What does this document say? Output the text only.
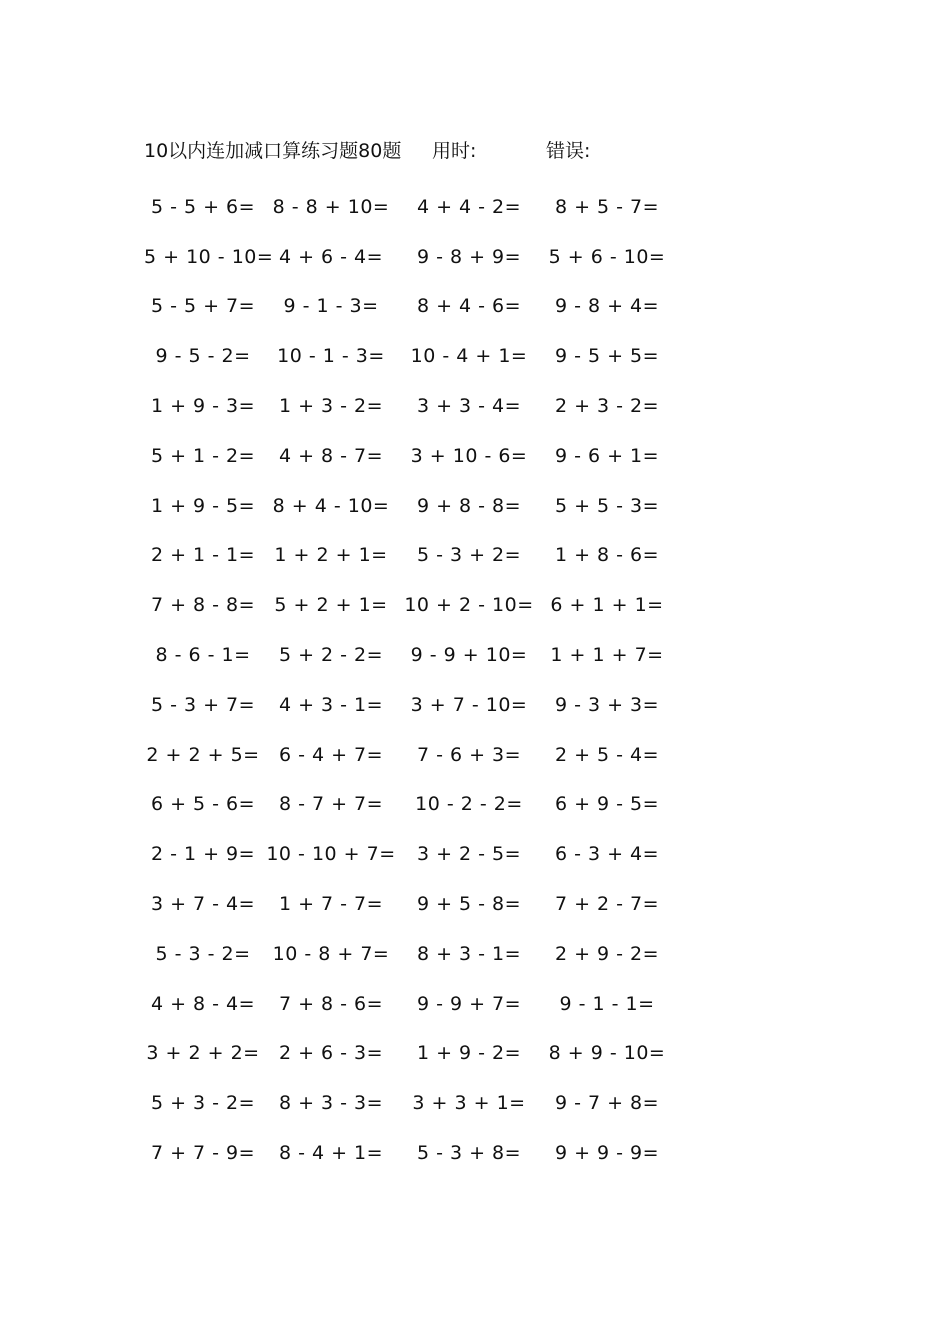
10以内连加减口算练习题80题 用时:	错误:
5 - 5 + 6= 8 - 8 + 10=	4 + 4 - 2=	8 + 5 - 7=
5 + 10 - 10= 4 + 6 - 4=	9 - 8 + 9=	5 + 6 - 10=
5 - 5 + 7=	9 - 1 - 3=	8 + 4 - 6=	9 - 8 + 4=
9 - 5 - 2=	10 - 1 - 3=	10 - 4 + 1=	9 - 5 + 5=
1 + 9 - 3=	1 + 3 - 2=	3 + 3 - 4=	2 + 3 - 2=
5 + 1 - 2=	4 + 8 - 7=	3 + 10 - 6=	9 - 6 + 1=
1 + 9 - 5= 8 + 4 - 10=	9 + 8 - 8=	5 + 5 - 3=
2 + 1 - 1=	1 + 2 + 1=	5 - 3 + 2=	1 + 8 - 6=
7 + 8 - 8=	5 + 2 + 1= 10 + 2 - 10= 6 + 1 + 1=
8 - 6 - 1=	5 + 2 - 2=	9 - 9 + 10=	1 + 1 + 7=
5 - 3 + 7=	4 + 3 - 1=	3 + 7 - 10=	9 - 3 + 3=
2 + 2 + 5=	6 - 4 + 7=	7 - 6 + 3=	2 + 5 - 4=
6 + 5 - 6=	8 - 7 + 7=	10 - 2 - 2=	6 + 9 - 5=
2 - 1 + 9= 10 - 10 + 7=	3 + 2 - 5=	6 - 3 + 4=
3 + 7 - 4=	1 + 7 - 7=	9 + 5 - 8=	7 + 2 - 7=
5 - 3 - 2=	10 - 8 + 7=	8 + 3 - 1=	2 + 9 - 2=
4 + 8 - 4=	7 + 8 - 6=	9 - 9 + 7=	9 - 1 - 1=
3 + 2 + 2=	2 + 6 - 3=	1 + 9 - 2=	8 + 9 - 10=
5 + 3 - 2=	8 + 3 - 3=	3 + 3 + 1=	9 - 7 + 8=
7 + 7 - 9=	8 - 4 + 1=	5 - 3 + 8=	9 + 9 - 9=
